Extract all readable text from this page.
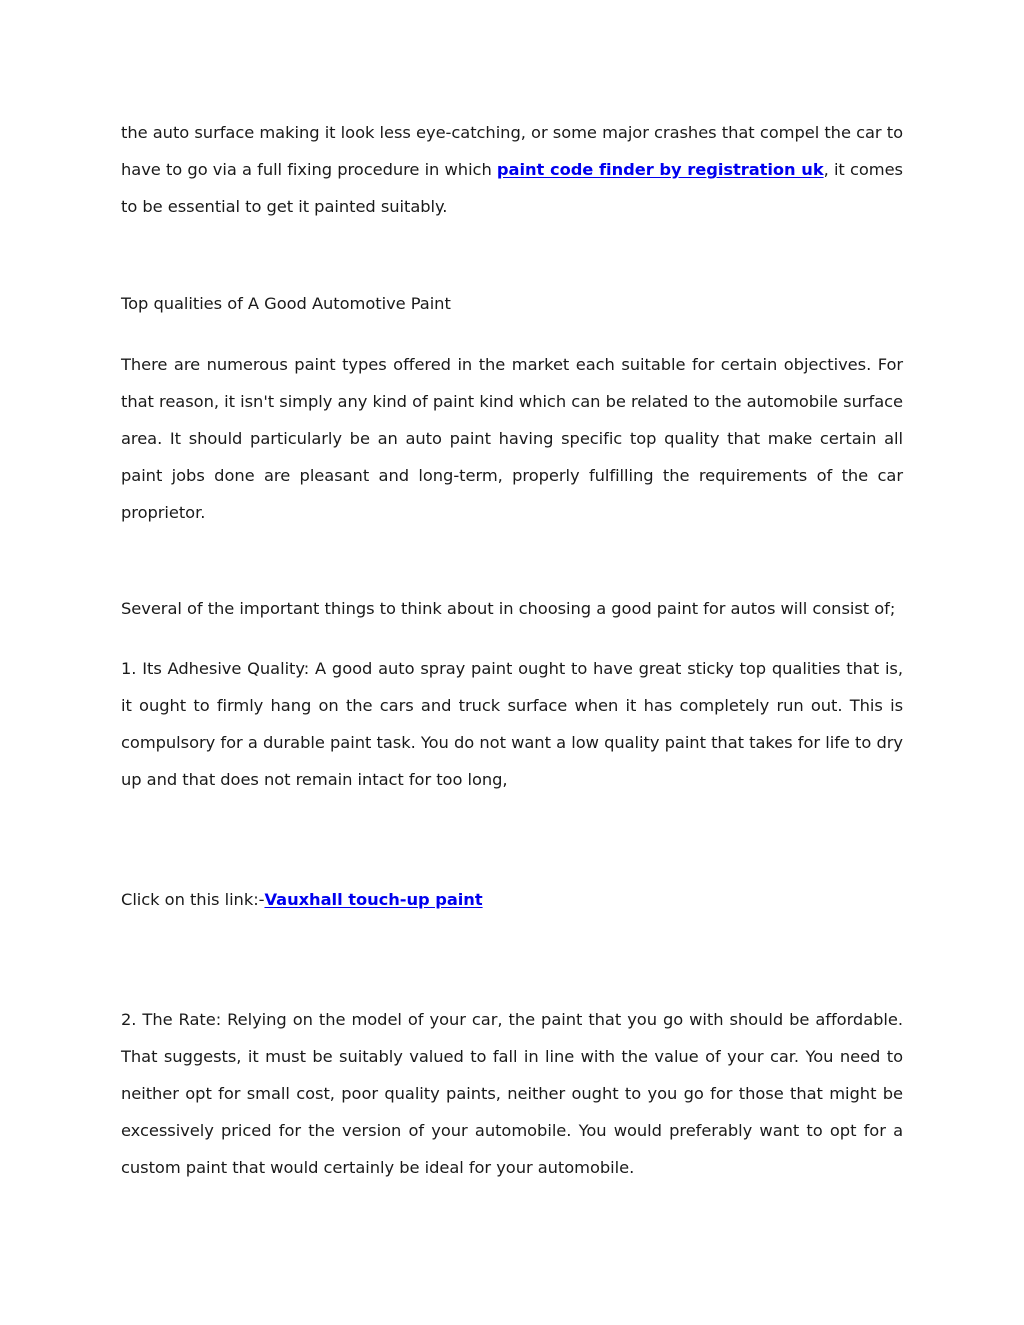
the auto surface making it look less eye-catching, or some major crashes that compel the car to have to go via a full fixing procedure in which paint code finder by registration uk, it comes to be essential to get it painted suitably.

Top qualities of A Good Automotive Paint

There are numerous paint types offered in the market each suitable for certain objectives. For that reason, it isn't simply any kind of paint kind which can be related to the automobile surface area. It should particularly be an auto paint having specific top quality that make certain all paint jobs done are pleasant and long-term, properly fulfilling the requirements of the car proprietor.

Several of the important things to think about in choosing a good paint for autos will consist of;

1. Its Adhesive Quality: A good auto spray paint ought to have great sticky top qualities that is, it ought to firmly hang on the cars and truck surface when it has completely run out. This is compulsory for a durable paint task. You do not want a low quality paint that takes for life to dry up and that does not remain intact for too long,

Click on this link:-Vauxhall touch-up paint

2. The Rate: Relying on the model of your car, the paint that you go with should be affordable. That suggests, it must be suitably valued to fall in line with the value of your car. You need to neither opt for small cost, poor quality paints, neither ought to you go for those that might be excessively priced for the version of your automobile. You would preferably want to opt for a custom paint that would certainly be ideal for your automobile.
